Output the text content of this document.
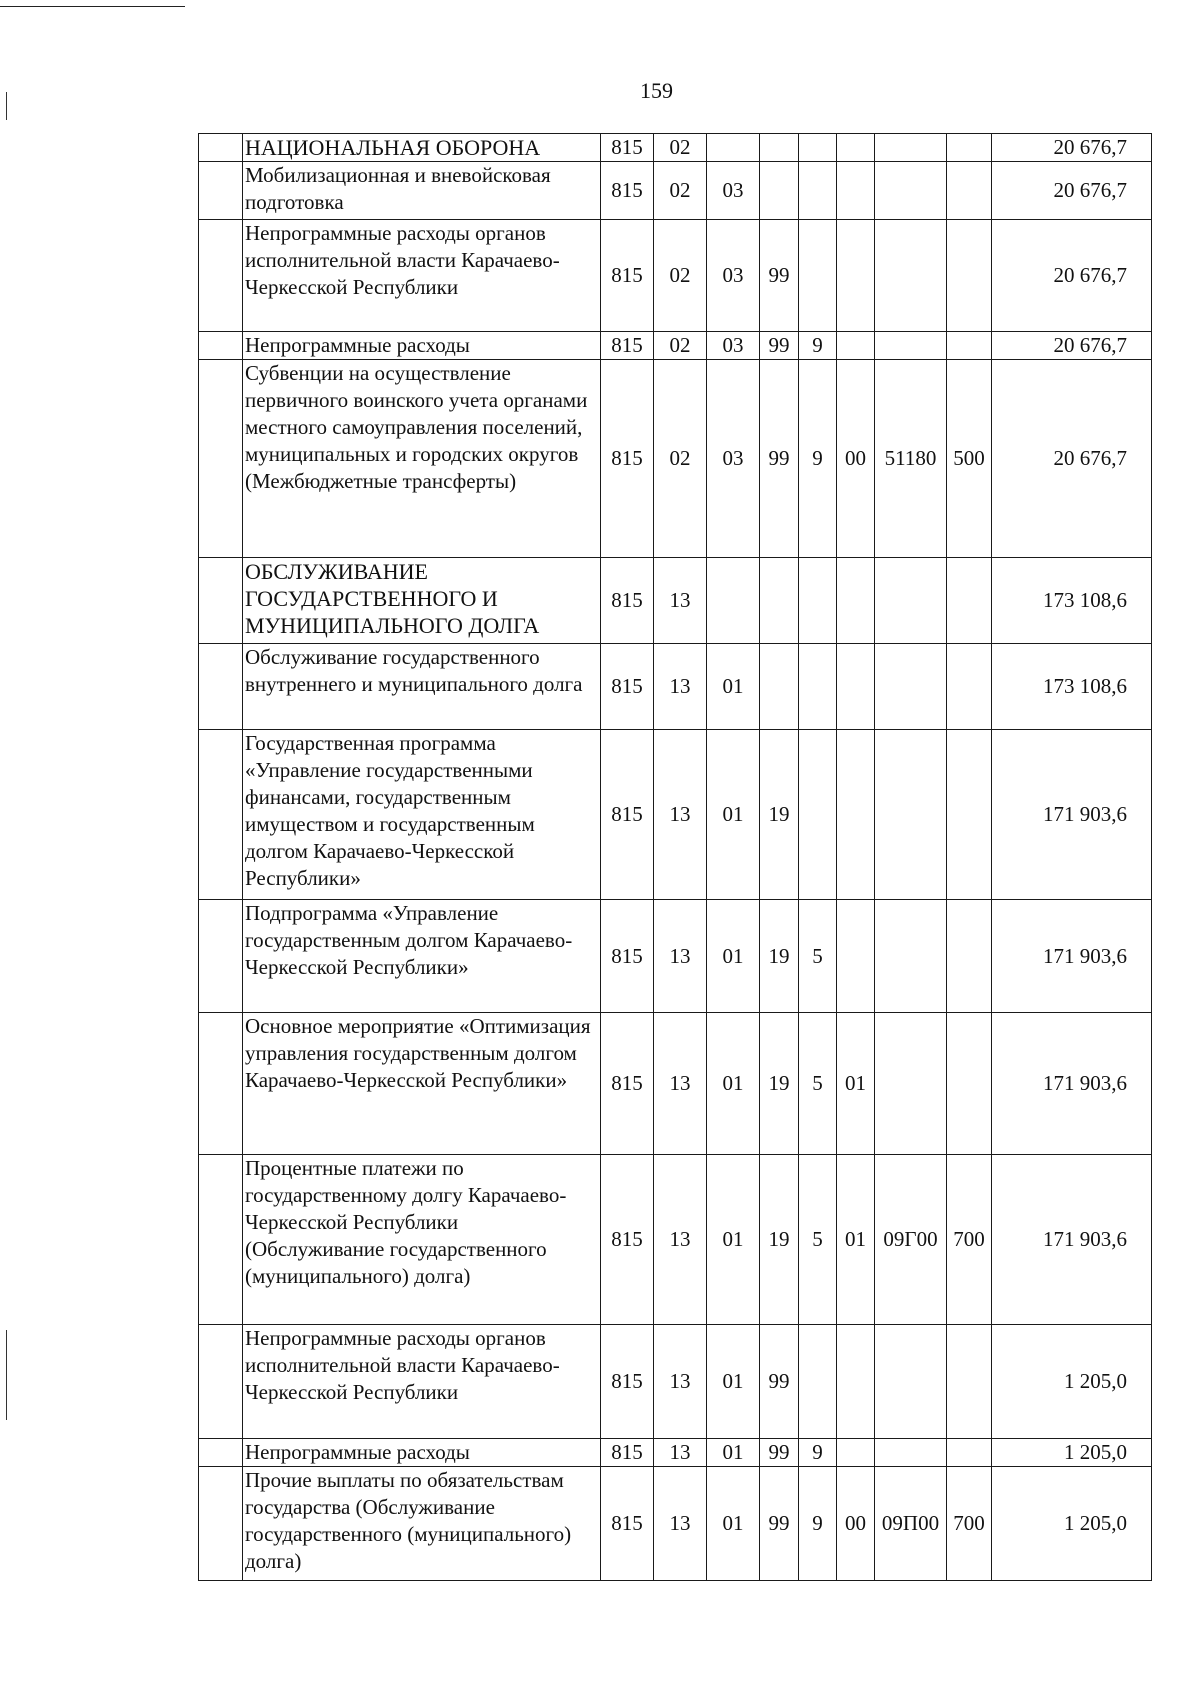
159
	НАЦИОНАЛЬНАЯ ОБОРОНА	815	02							20 676,7
	Мобилизационная и вневойсковая подготовка	815	02	03						20 676,7
	Непрограммные расходы органов исполнительной власти Карачаево-Черкесской Республики	815	02	03	99					20 676,7
	Непрограммные расходы	815	02	03	99	9				20 676,7
	Субвенции на осуществление первичного воинского учета органами местного самоуправления поселений, муниципальных и городских округов (Межбюджетные трансферты)	815	02	03	99	9	00	51180	500	20 676,7
	ОБСЛУЖИВАНИЕ ГОСУДАРСТВЕННОГО И МУНИЦИПАЛЬНОГО ДОЛГА	815	13							173 108,6
	Обслуживание государственного внутреннего и муниципального долга	815	13	01						173 108,6
	Государственная программа «Управление государственными финансами, государственным имуществом и государственным долгом Карачаево-Черкесской Республики»	815	13	01	19					171 903,6
	Подпрограмма «Управление государственным долгом Карачаево-Черкесской Республики»	815	13	01	19	5				171 903,6
	Основное мероприятие «Оптимизация управления государственным долгом Карачаево-Черкесской Республики»	815	13	01	19	5	01			171 903,6
	Процентные платежи по государственному долгу Карачаево-Черкесской Республики (Обслуживание государственного (муниципального) долга)	815	13	01	19	5	01	09Г00	700	171 903,6
	Непрограммные расходы органов исполнительной власти Карачаево-Черкесской Республики	815	13	01	99					1 205,0
	Непрограммные расходы	815	13	01	99	9				1 205,0
	Прочие выплаты по обязательствам государства (Обслуживание государственного (муниципального) долга)	815	13	01	99	9	00	09П00	700	1 205,0
